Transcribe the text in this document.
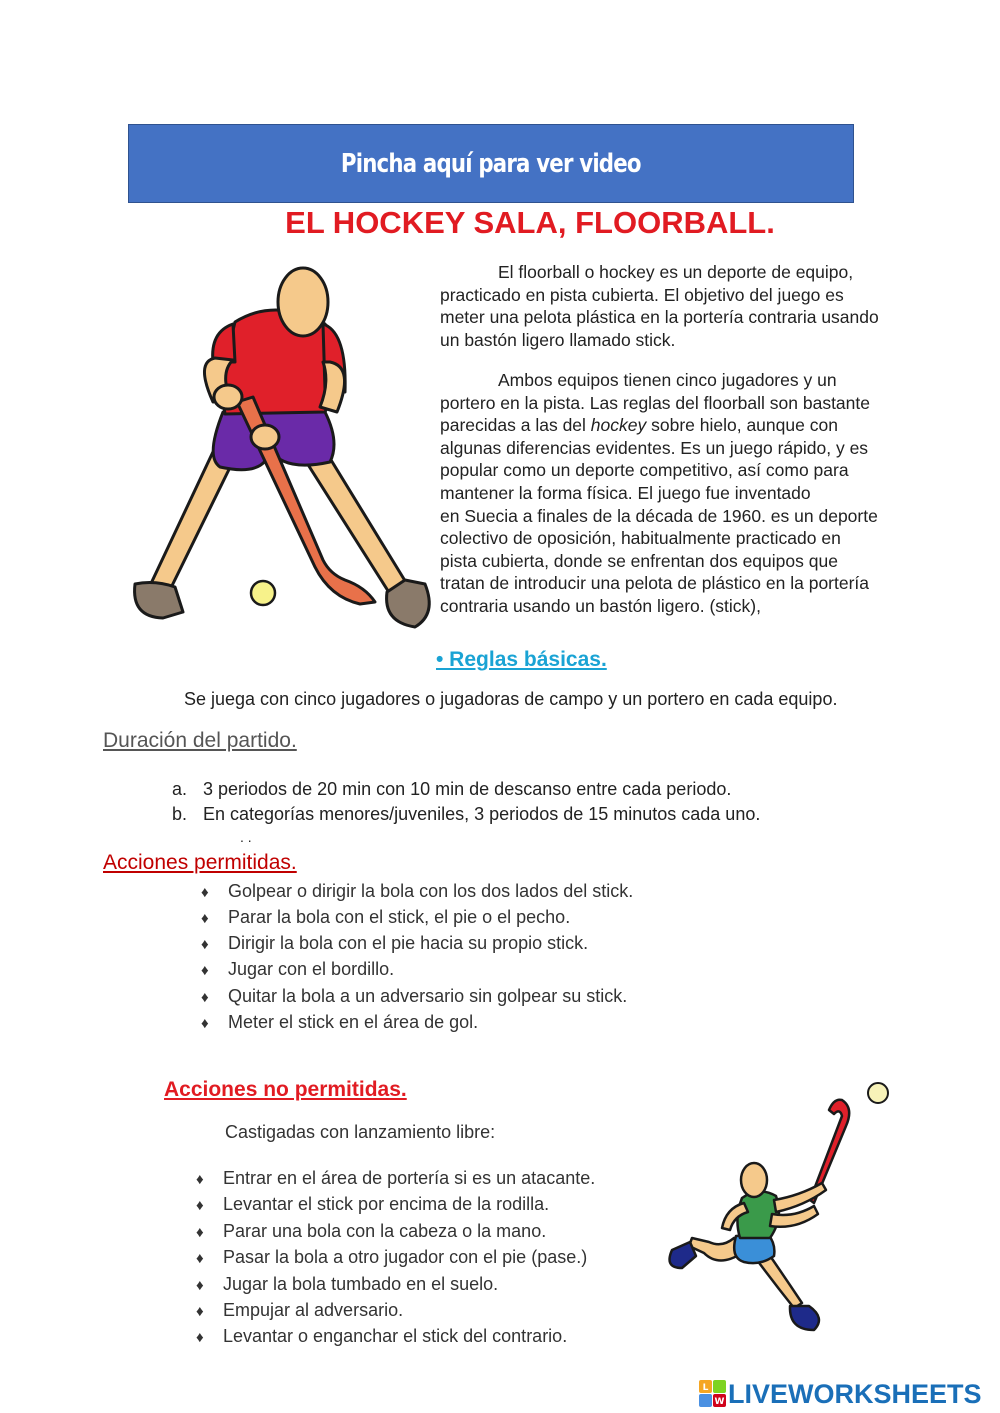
Pincha aquí para ver video
EL HOCKEY SALA, FLOORBALL.
El floorball o hockey es un deporte de equipo,
practicado en pista cubierta. El objetivo del juego es
meter una pelota plástica en la portería contraria usando
un bastón ligero llamado stick.
Ambos equipos tienen cinco jugadores y un
portero en la pista. Las reglas del floorball son bastante
parecidas a las del hockey sobre hielo, aunque con
algunas diferencias evidentes. Es un juego rápido, y es
popular como un deporte competitivo, así como para
mantener la forma física. El juego fue inventado
en Suecia a finales de la década de 1960. es un deporte
colectivo de oposición, habitualmente practicado en
pista cubierta, donde se enfrentan dos equipos que
tratan de introducir una pelota de plástico en la portería
contraria usando un bastón ligero. (stick),
• Reglas básicas.
Se juega con cinco jugadores o jugadoras de campo y un portero en cada equipo.
Duración del partido.
a. 3 periodos de 20 min con 10 min de descanso entre cada periodo.
b. En categorías menores/juveniles, 3 periodos de 15 minutos cada uno.
. .
Acciones permitidas.
♦ Golpear o dirigir la bola con los dos lados del stick.
♦ Parar la bola con el stick, el pie o el pecho.
♦ Dirigir la bola con el pie hacia su propio stick.
♦ Jugar con el bordillo.
♦ Quitar la bola a un adversario sin golpear su stick.
♦ Meter el stick en el área de gol.
Acciones no permitidas.
Castigadas con lanzamiento libre:
♦ Entrar en el área de portería si es un atacante.
♦ Levantar el stick por encima de la rodilla.
♦ Parar una bola con la cabeza o la mano.
♦ Pasar la bola a otro jugador con el pie (pase.)
♦ Jugar la bola tumbado en el suelo.
♦ Empujar al adversario.
♦ Levantar o enganchar el stick del contrario.
L
W LIVEWORKSHEETS
